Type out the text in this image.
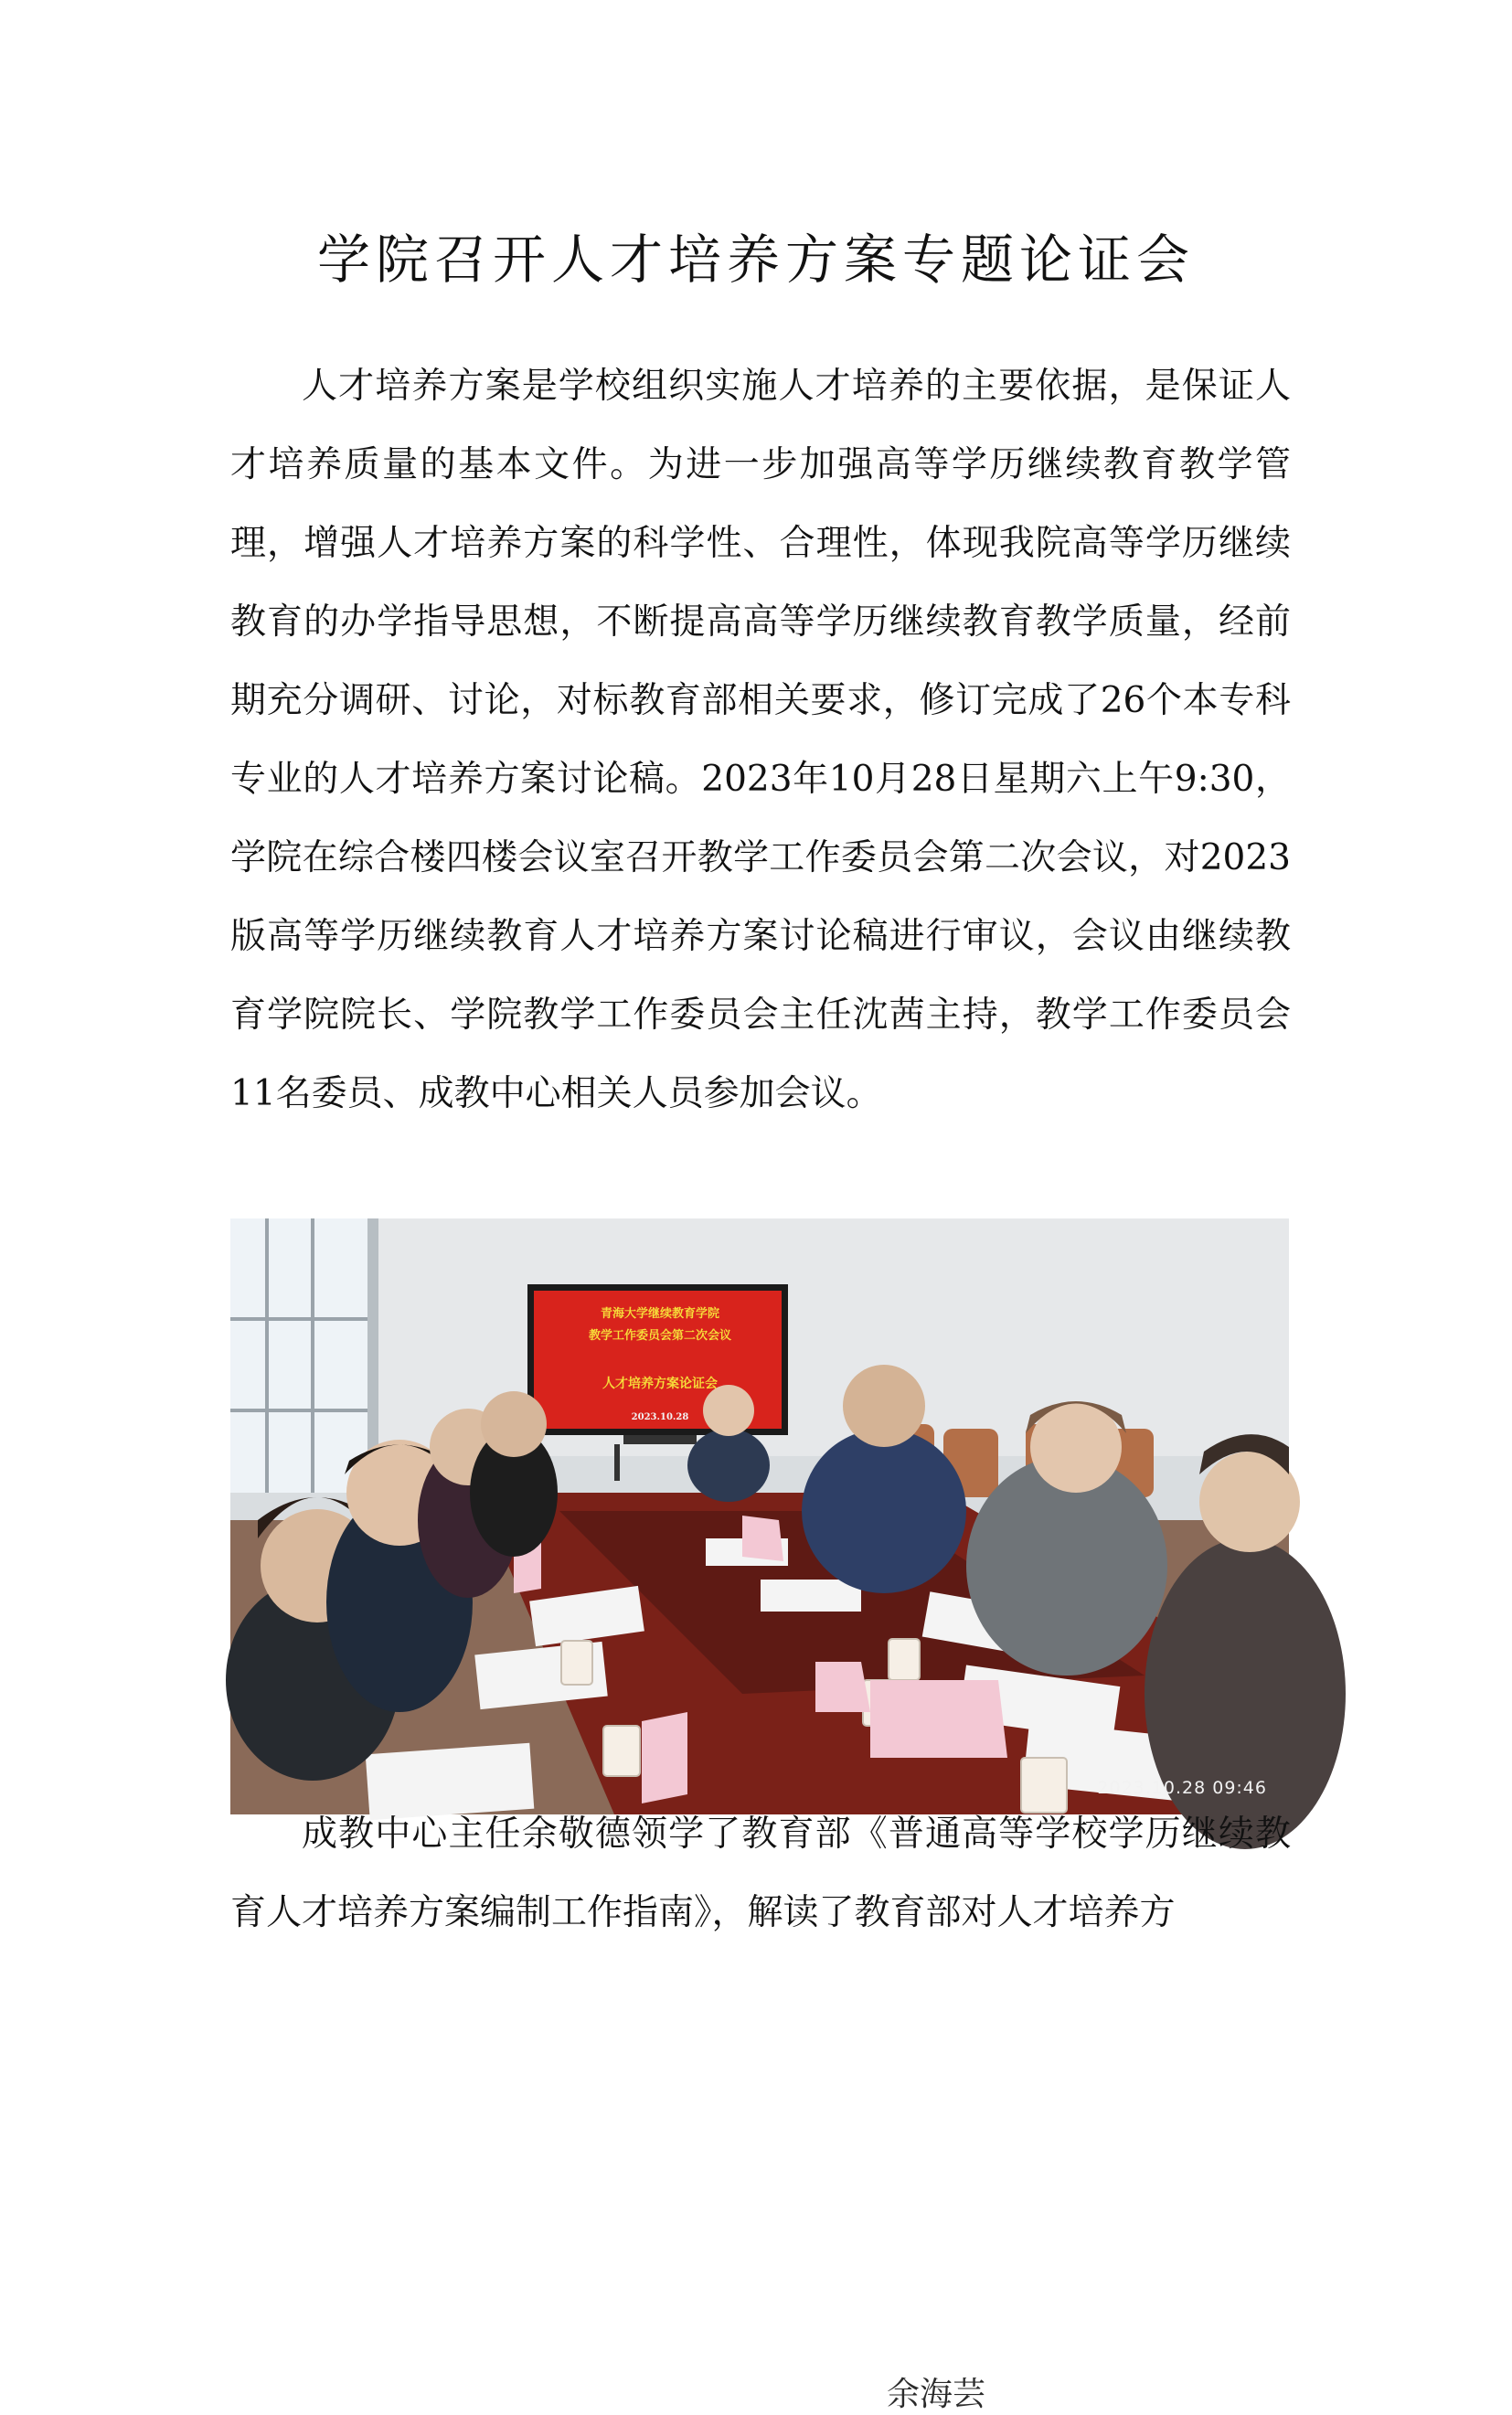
学院召开人才培养方案专题论证会

人才培养方案是学校组织实施人才培养的主要依据，是保证人才培养质量的基本文件。为进一步加强高等学历继续教育教学管理，增强人才培养方案的科学性、合理性，体现我院高等学历继续教育的办学指导思想，不断提高高等学历继续教育教学质量，经前期充分调研、讨论，对标教育部相关要求，修订完成了26个本专科专业的人才培养方案讨论稿。2023年10月28日星期六上午9:30，学院在综合楼四楼会议室召开教学工作委员会第二次会议，对2023版高等学历继续教育人才培养方案讨论稿进行审议，会议由继续教育学院院长、学院教学工作委员会主任沈茜主持，教学工作委员会11名委员、成教中心相关人员参加会议。

青海大学继续教育学院
教学工作委员会第二次会议
人才培养方案论证会
2023.10.28
余海芸
2023.10.28 09:46

成教中心主任余敬德领学了教育部《普通高等学校学历继续教育人才培养方案编制工作指南》，解读了教育部对人才培养方
